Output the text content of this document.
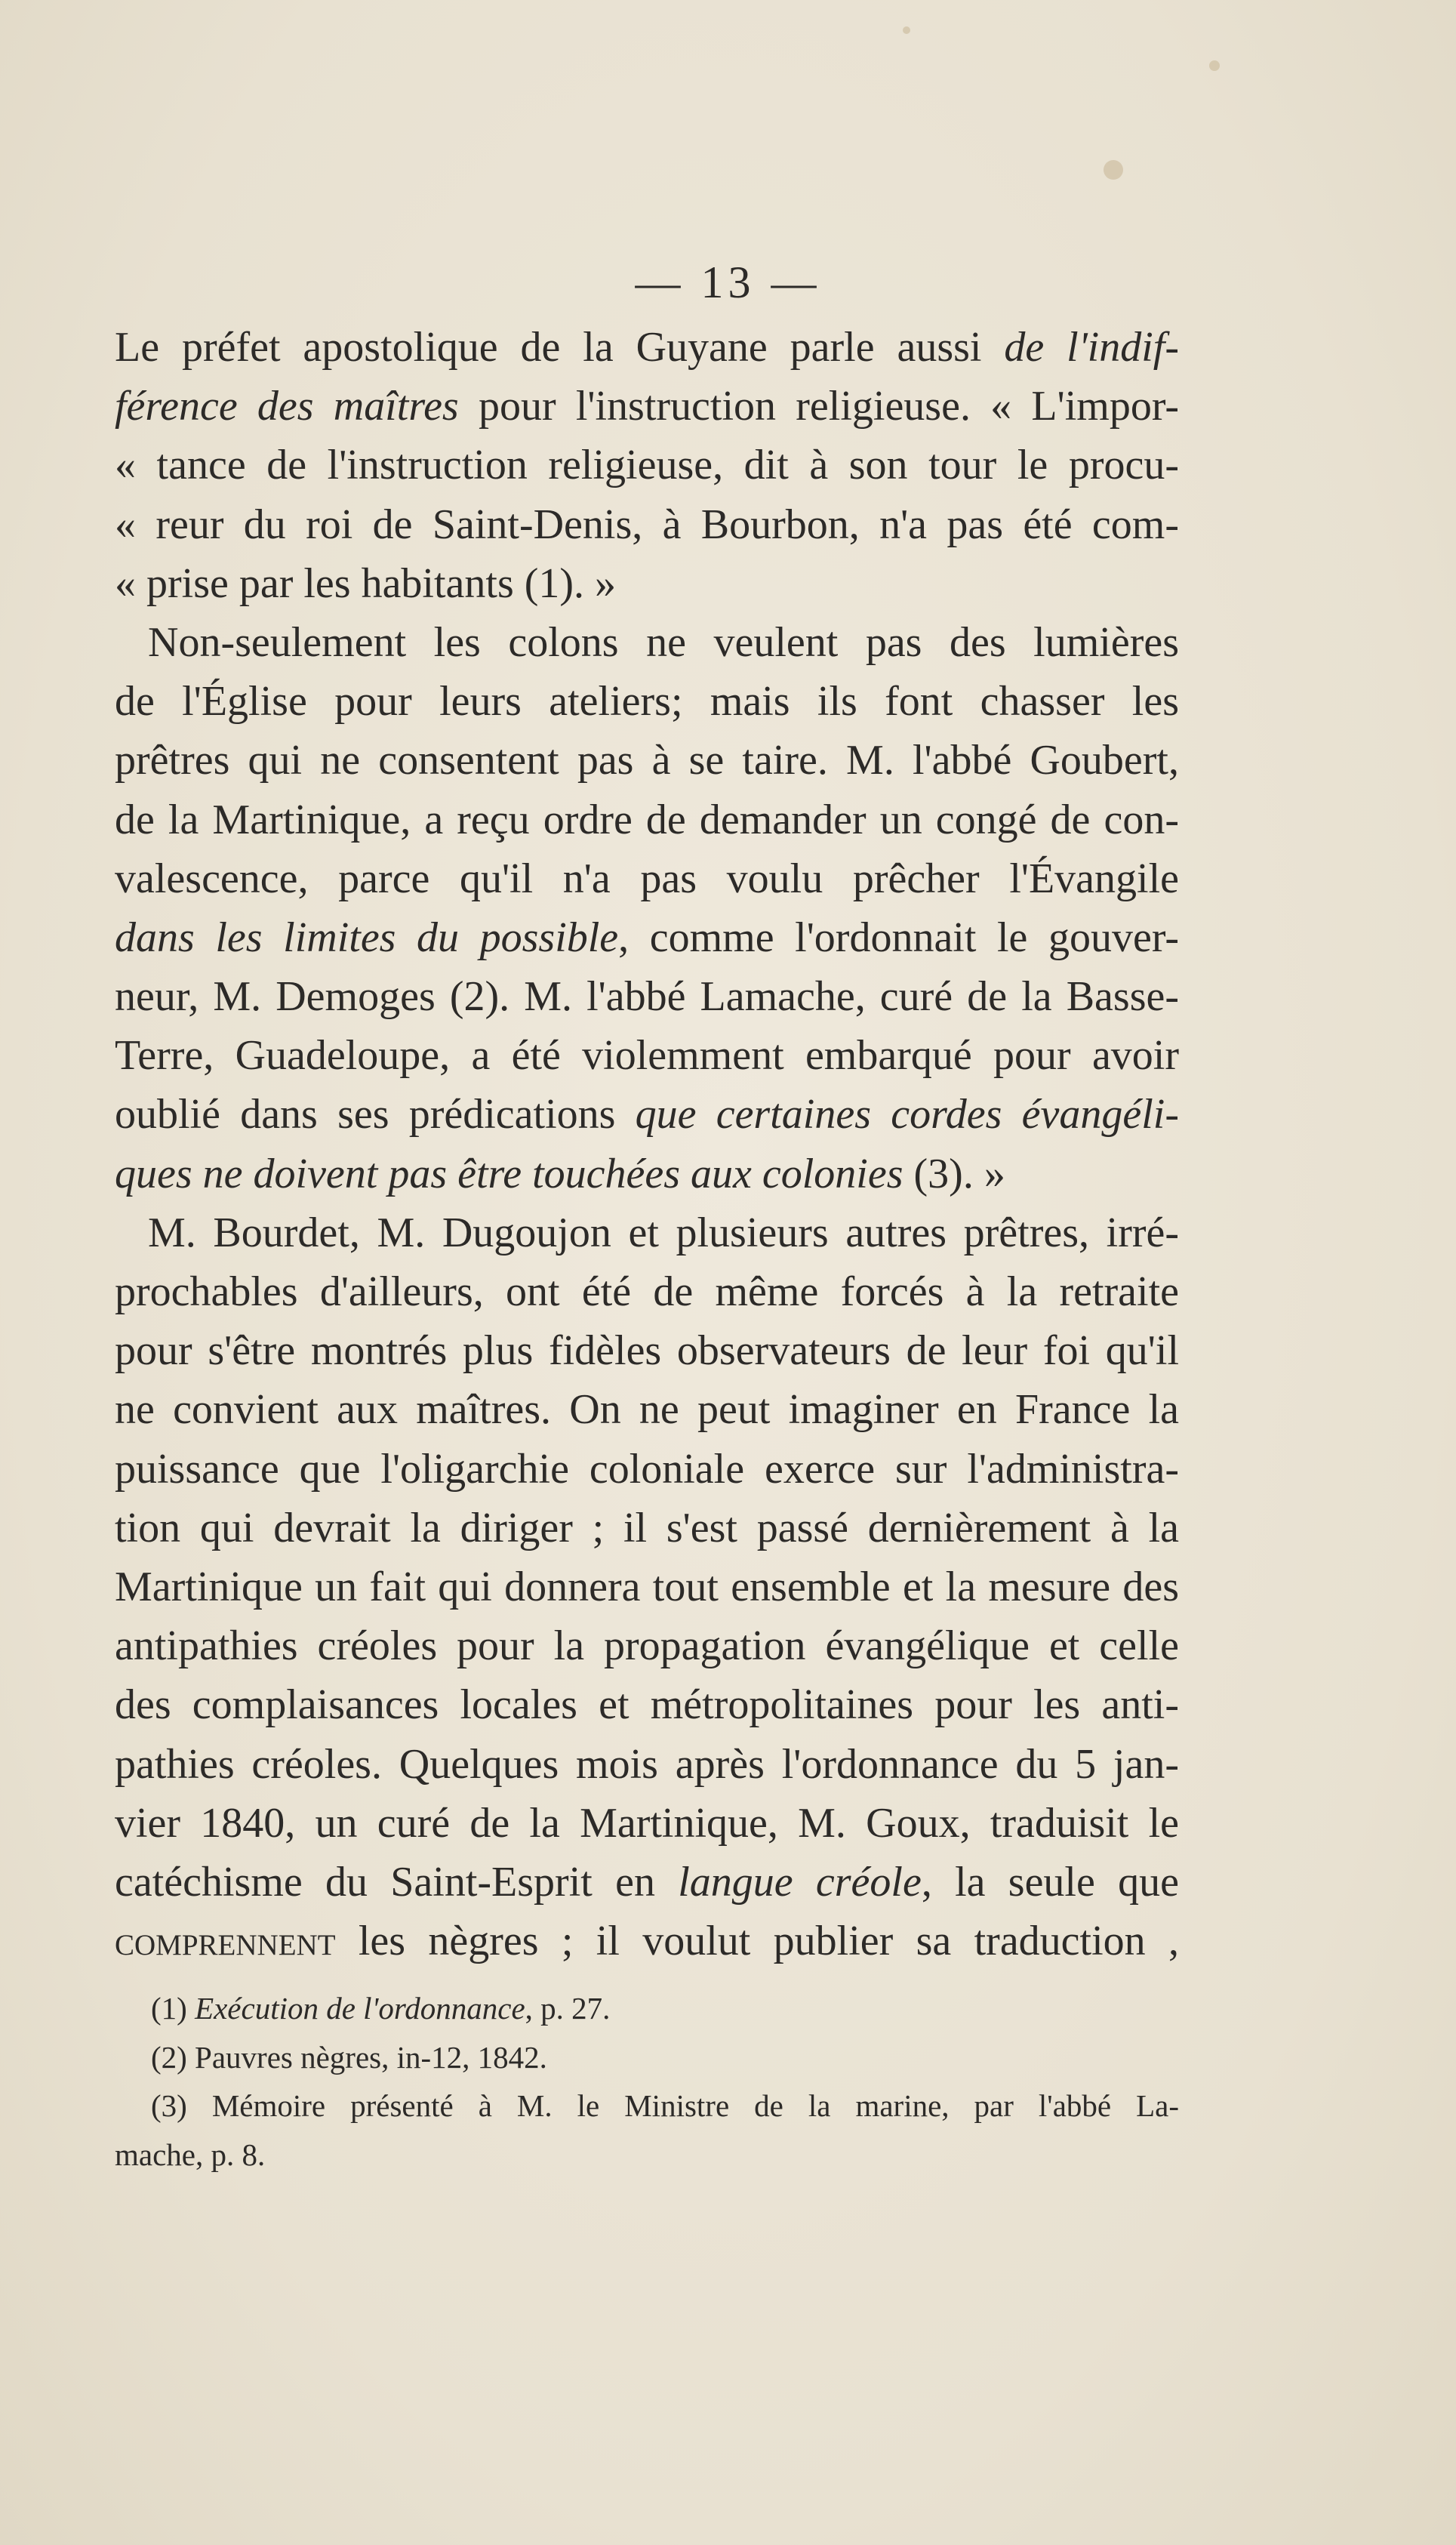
— 13 —
Le préfet apostolique de la Guyane parle aussi de l'indif-
férence des maîtres pour l'instruction religieuse. « L'impor-
« tance de l'instruction religieuse, dit à son tour le procu-
« reur du roi de Saint-Denis, à Bourbon, n'a pas été com-
« prise par les habitants (1). »
Non-seulement les colons ne veulent pas des lumières
de l'Église pour leurs ateliers; mais ils font chasser les
prêtres qui ne consentent pas à se taire. M. l'abbé Goubert,
de la Martinique, a reçu ordre de demander un congé de con-
valescence, parce qu'il n'a pas voulu prêcher l'Évangile
dans les limites du possible, comme l'ordonnait le gouver-
neur, M. Demoges (2). M. l'abbé Lamache, curé de la Basse-
Terre, Guadeloupe, a été violemment embarqué pour avoir
oublié dans ses prédications que certaines cordes évangéli-
ques ne doivent pas être touchées aux colonies (3). »
M. Bourdet, M. Dugoujon et plusieurs autres prêtres, irré-
prochables d'ailleurs, ont été de même forcés à la retraite
pour s'être montrés plus fidèles observateurs de leur foi qu'il
ne convient aux maîtres. On ne peut imaginer en France la
puissance que l'oligarchie coloniale exerce sur l'administra-
tion qui devrait la diriger ; il s'est passé dernièrement à la
Martinique un fait qui donnera tout ensemble et la mesure des
antipathies créoles pour la propagation évangélique et celle
des complaisances locales et métropolitaines pour les anti-
pathies créoles. Quelques mois après l'ordonnance du 5 jan-
vier 1840, un curé de la Martinique, M. Goux, traduisit le
catéchisme du Saint-Esprit en langue créole, la seule que
comprennent les nègres ; il voulut publier sa traduction ,
(1) Exécution de l'ordonnance, p. 27.
(2) Pauvres nègres, in-12, 1842.
(3) Mémoire présenté à M. le Ministre de la marine, par l'abbé La-
mache, p. 8.
